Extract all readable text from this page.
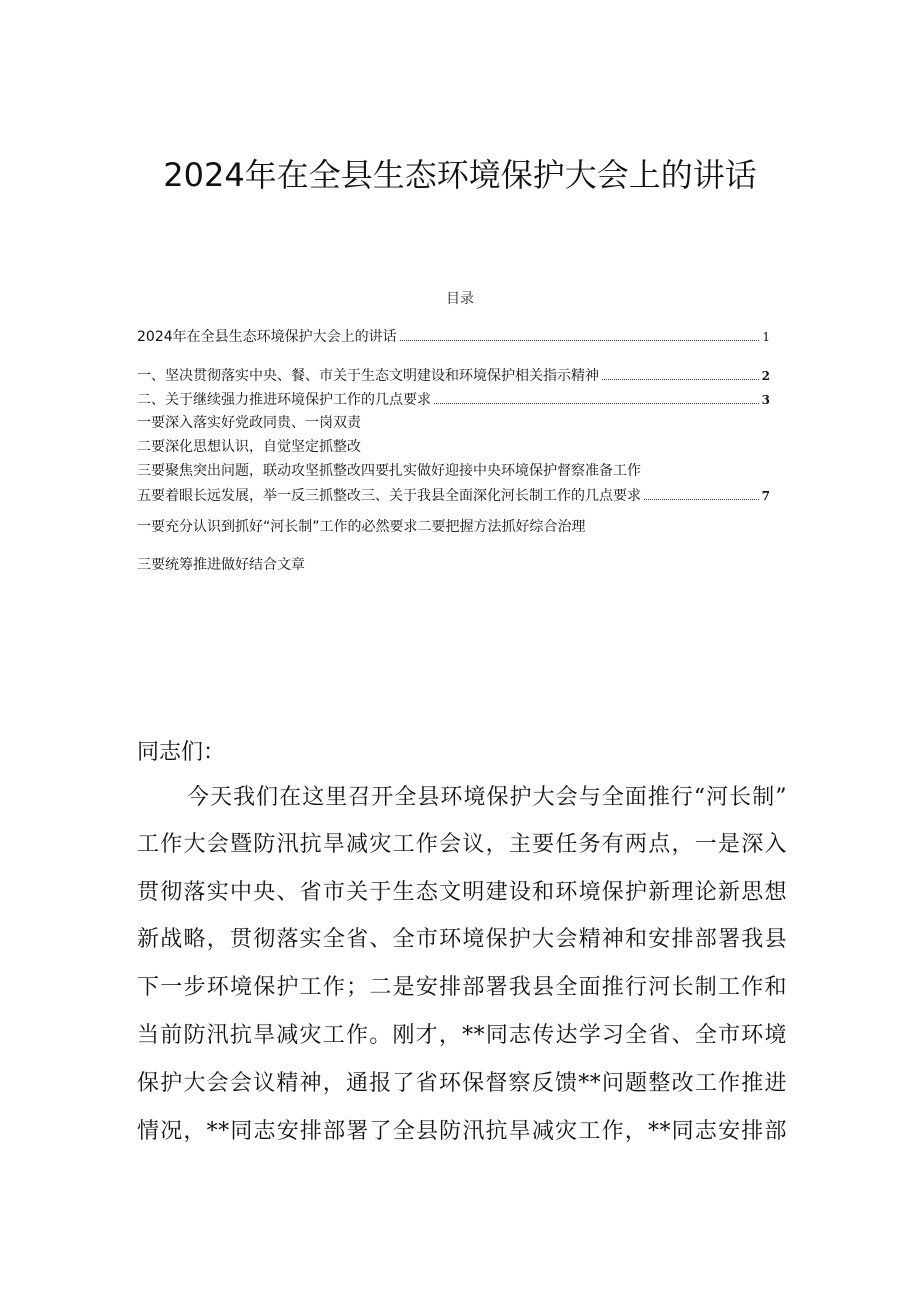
2024年在全县生态环境保护大会上的讲话
目录
2024年在全县生态环境保护大会上的讲话	1
一、坚决贯彻落实中央、餐、市关于生态文明建设和环境保护相关指示精神	2
二、关于继续强力推进环境保护工作的几点要求	3
一要深入落实好党政同贵、一岗双责
二要深化思想认识，自觉坚定抓整改
三要聚焦突出问题，联动攻坚抓整改四要扎实做好迎接中央环境保护督察准备工作
五要着眼长远发展，举一反三抓整改三、关于我县全面深化河长制工作的几点要求	7
一要充分认识到抓好“河长制”工作的必然要求二要把握方法抓好综合治理
三要统筹推进做好结合文章
同志们：
今天我们在这里召开全县环境保护大会与全面推行“河长制”
工作大会暨防汛抗旱减灾工作会议，主要任务有两点，一是深入
贯彻落实中央、省市关于生态文明建设和环境保护新理论新思想
新战略，贯彻落实全省、全市环境保护大会精神和安排部署我县
下一步环境保护工作；二是安排部署我县全面推行河长制工作和
当前防汛抗旱减灾工作。刚才，**同志传达学习全省、全市环境
保护大会会议精神，通报了省环保督察反馈**问题整改工作推进
情况，**同志安排部署了全县防汛抗旱减灾工作，**同志安排部
